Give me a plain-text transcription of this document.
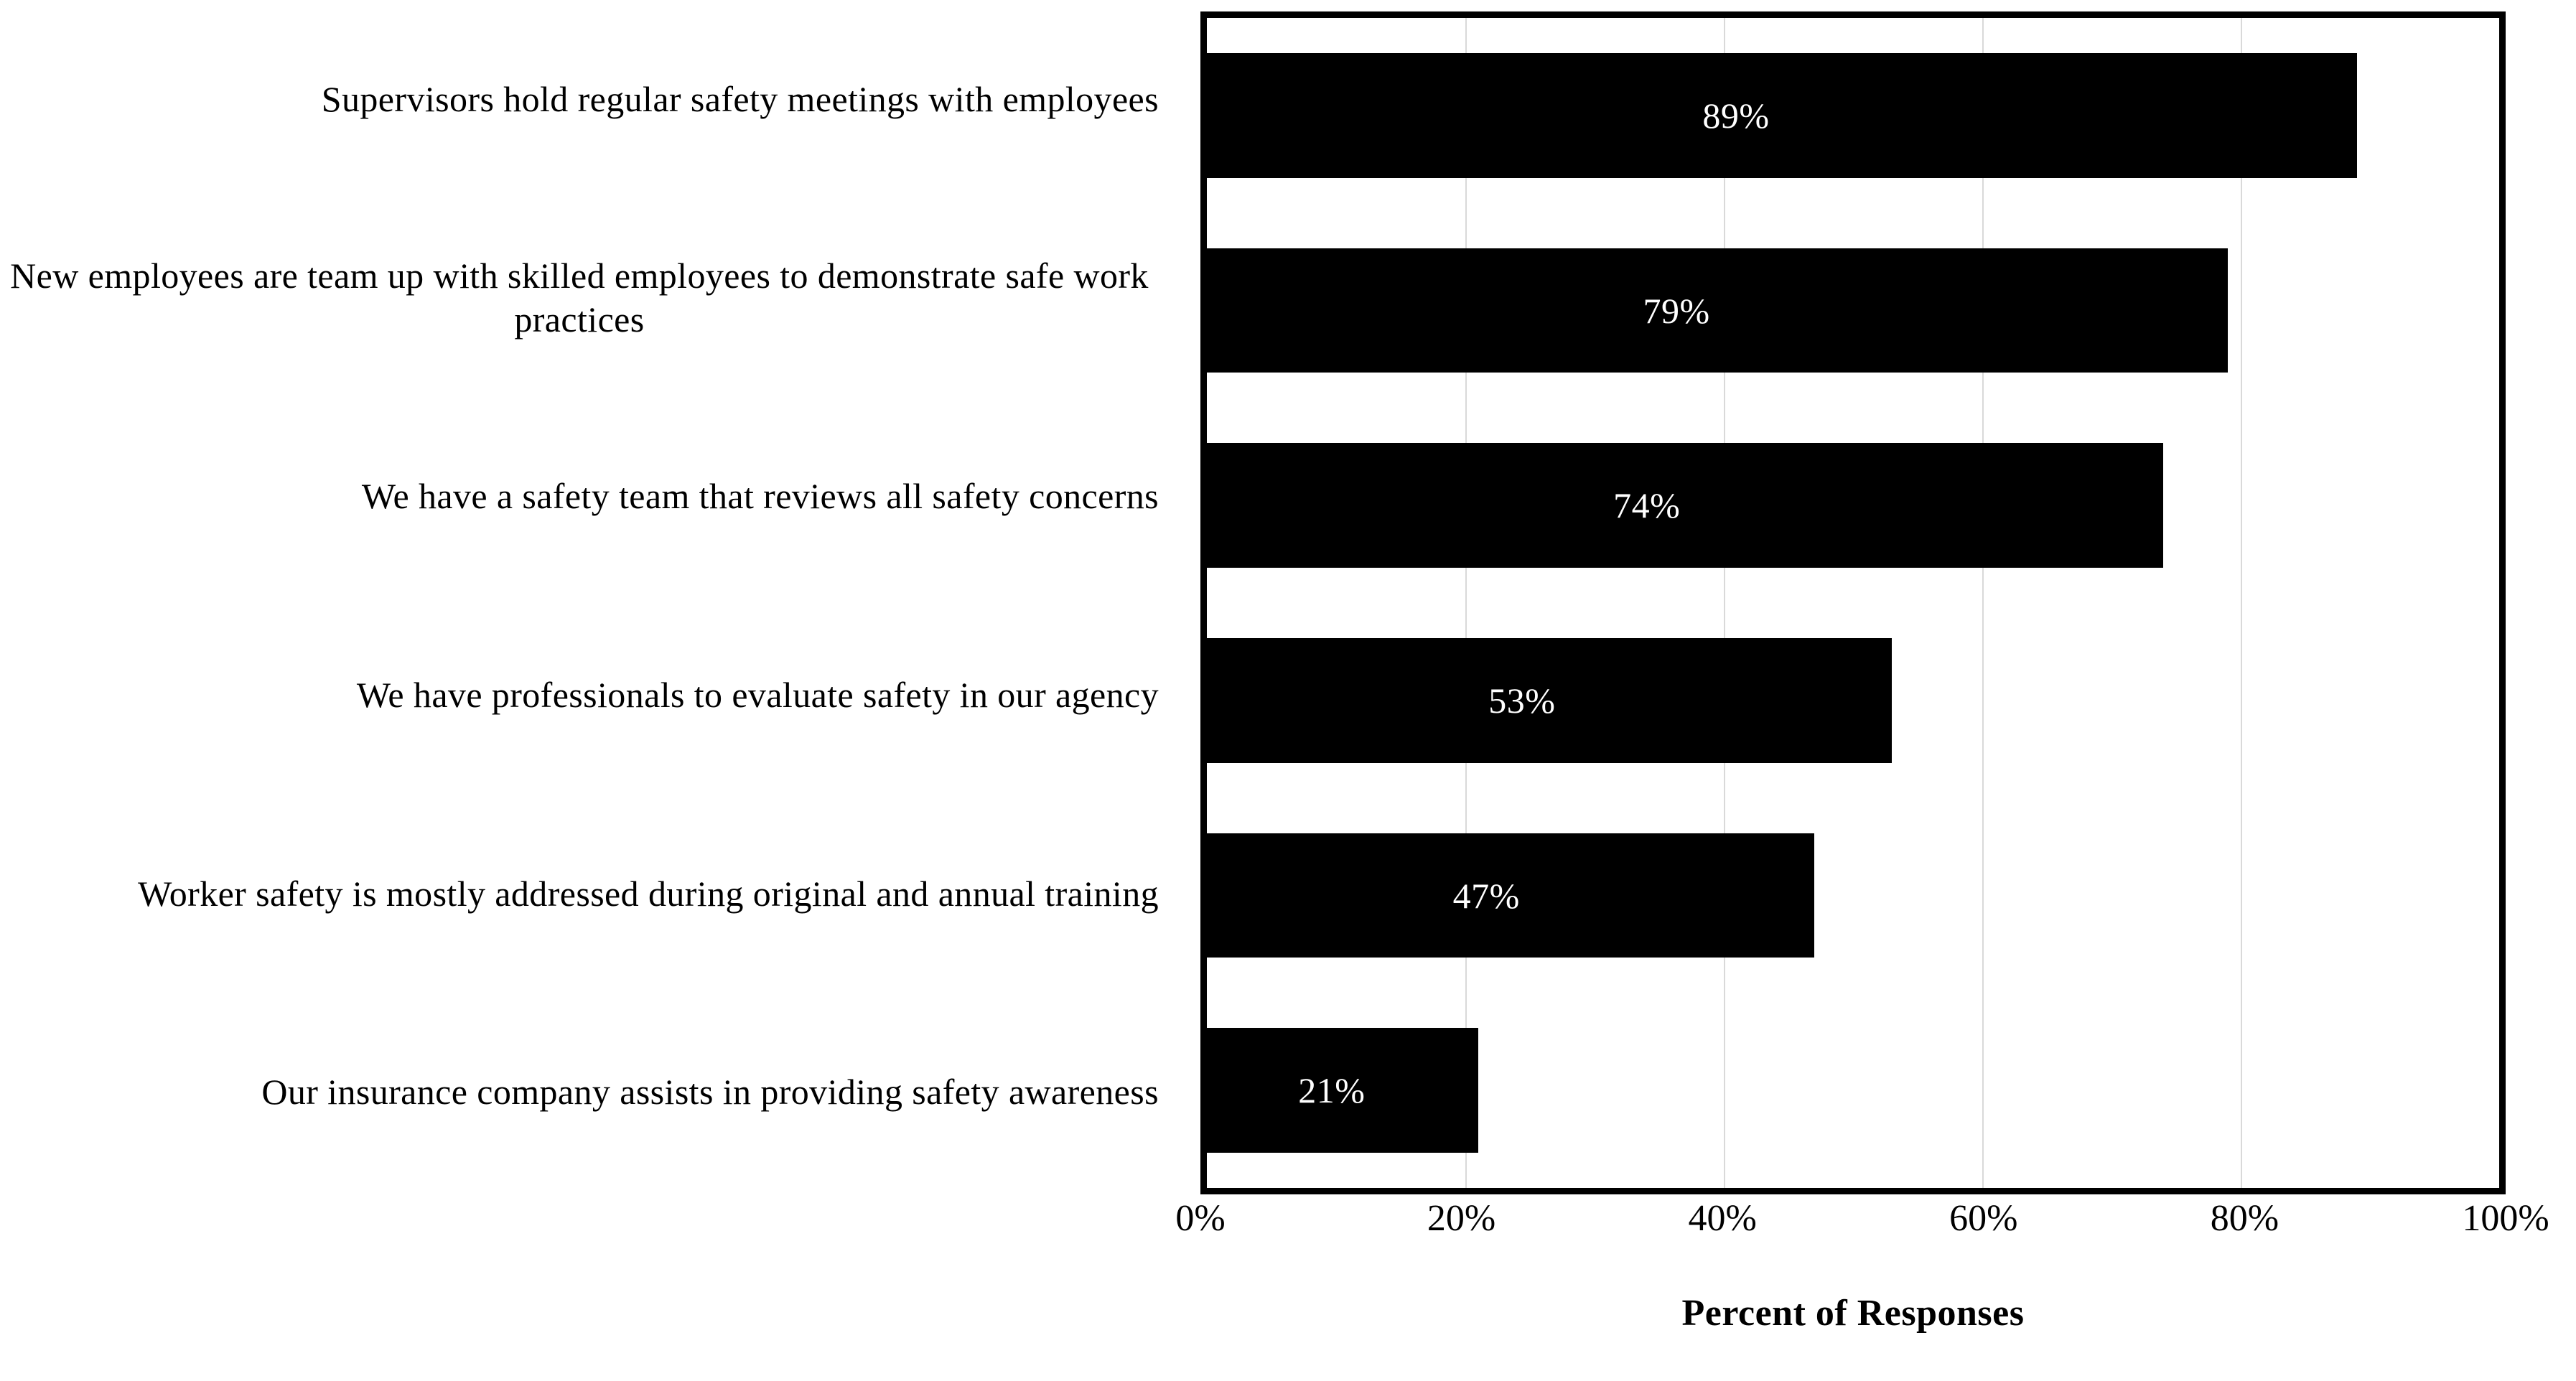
Supervisors hold regular safety meetings with employees
New employees are team up with skilled employees to demonstrate safe work practices
We have a safety team that reviews all safety concerns
We have professionals to evaluate safety in our agency
Worker safety is mostly addressed during original and annual training
Our insurance company assists in providing safety awareness
89%
79%
74%
53%
47%
21%
0%	20%	40%	60%	80%	100%
Percent of Responses
